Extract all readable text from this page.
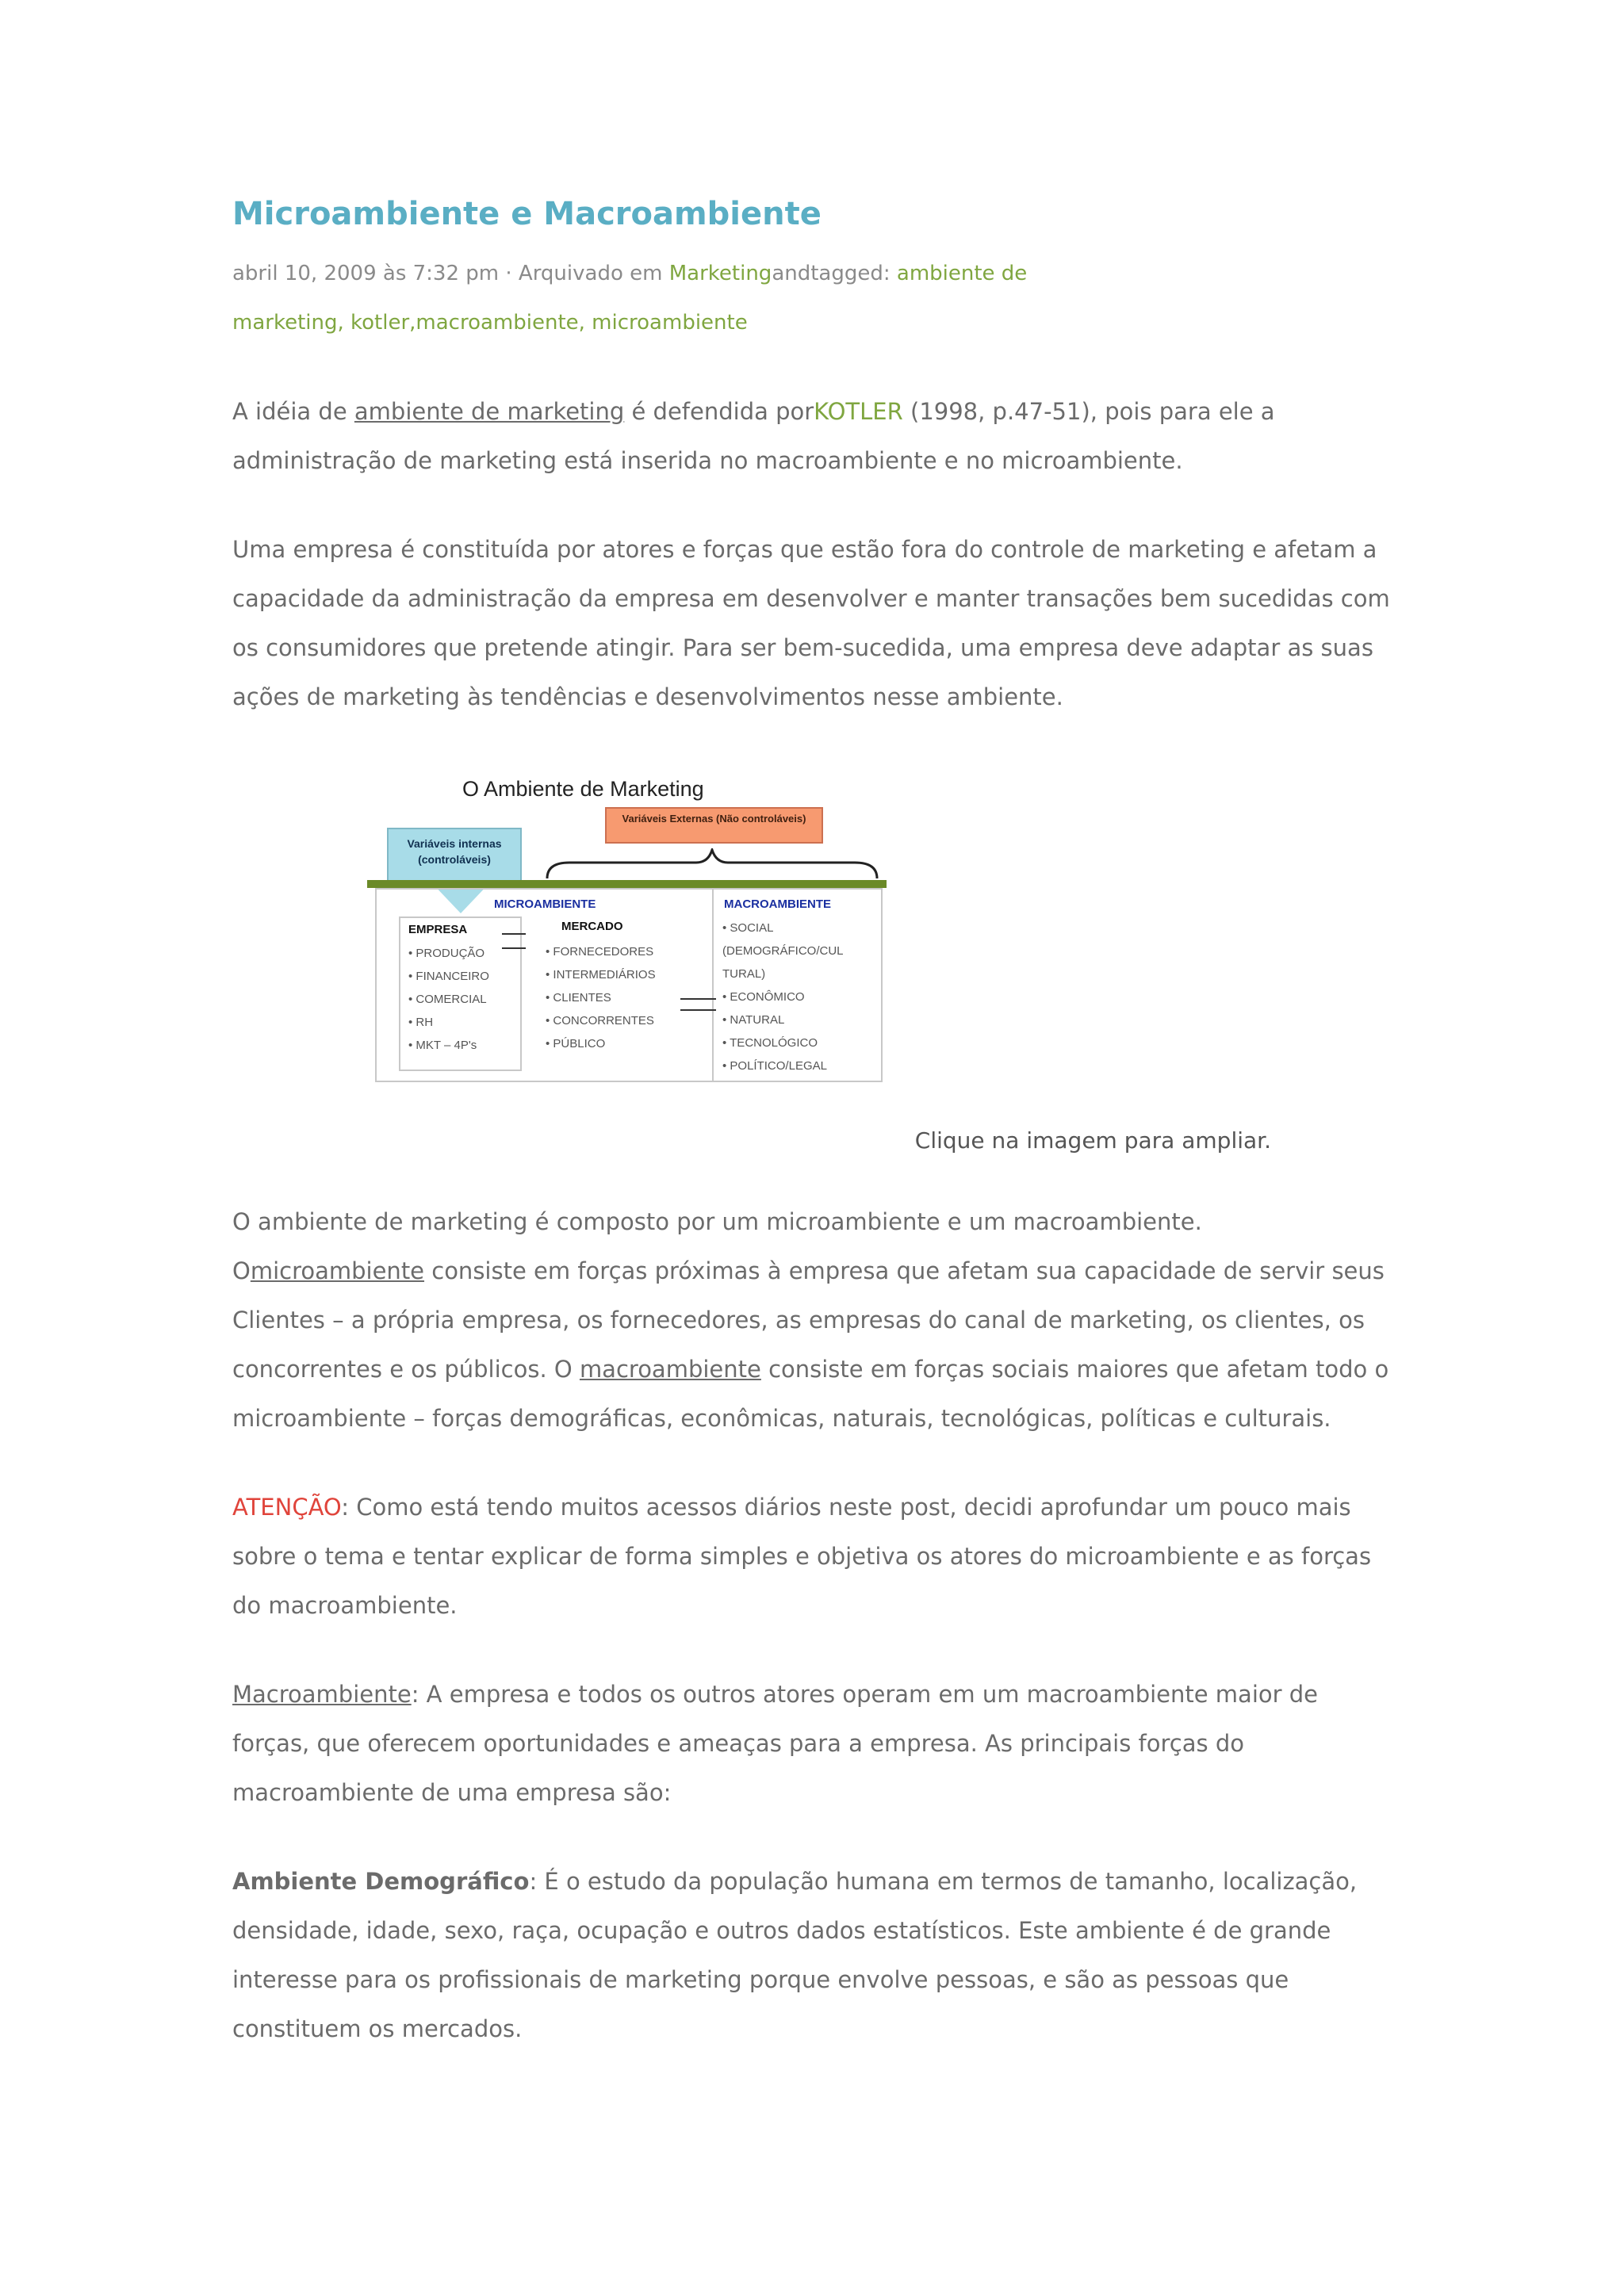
Microambiente e Macroambiente
abril 10, 2009 às 7:32 pm · Arquivado em Marketingandtagged: ambiente de
marketing, kotler,macroambiente, microambiente

A idéia de ambiente de marketing é defendida porKOTLER (1998, p.47-51), pois para ele a administração de marketing está inserida no macroambiente e no microambiente.

Uma empresa é constituída por atores e forças que estão fora do controle de marketing e afetam a capacidade da administração da empresa em desenvolver e manter transações bem sucedidas com os consumidores que pretende atingir. Para ser bem-sucedida, uma empresa deve adaptar as suas ações de marketing às tendências e desenvolvimentos nesse ambiente.

O Ambiente de Marketing
Variáveis Externas (Não controláveis)
Variáveis internas (controláveis)
MICROAMBIENTE	MACROAMBIENTE
EMPRESA
• PRODUÇÃO
• FINANCEIRO
• COMERCIAL
• RH
• MKT – 4P's
MERCADO
• FORNECEDORES
• INTERMEDIÁRIOS
• CLIENTES
• CONCORRENTES
• PÚBLICO
• SOCIAL
(DEMOGRÁFICO/CUL
TURAL)
• ECONÔMICO
• NATURAL
• TECNOLÓGICO
• POLÍTICO/LEGAL
Clique na imagem para ampliar.

O ambiente de marketing é composto por um microambiente e um macroambiente. Omicroambiente consiste em forças próximas à empresa que afetam sua capacidade de servir seus Clientes – a própria empresa, os fornecedores, as empresas do canal de marketing, os clientes, os concorrentes e os públicos. O macroambiente consiste em forças sociais maiores que afetam todo o microambiente – forças demográficas, econômicas, naturais, tecnológicas, políticas e culturais.

ATENÇÃO: Como está tendo muitos acessos diários neste post, decidi aprofundar um pouco mais sobre o tema e tentar explicar de forma simples e objetiva os atores do microambiente e as forças do macroambiente.

Macroambiente: A empresa e todos os outros atores operam em um macroambiente maior de forças, que oferecem oportunidades e ameaças para a empresa. As principais forças do macroambiente de uma empresa são:

Ambiente Demográfico: É o estudo da população humana em termos de tamanho, localização, densidade, idade, sexo, raça, ocupação e outros dados estatísticos. Este ambiente é de grande interesse para os profissionais de marketing porque envolve pessoas, e são as pessoas que constituem os mercados.
